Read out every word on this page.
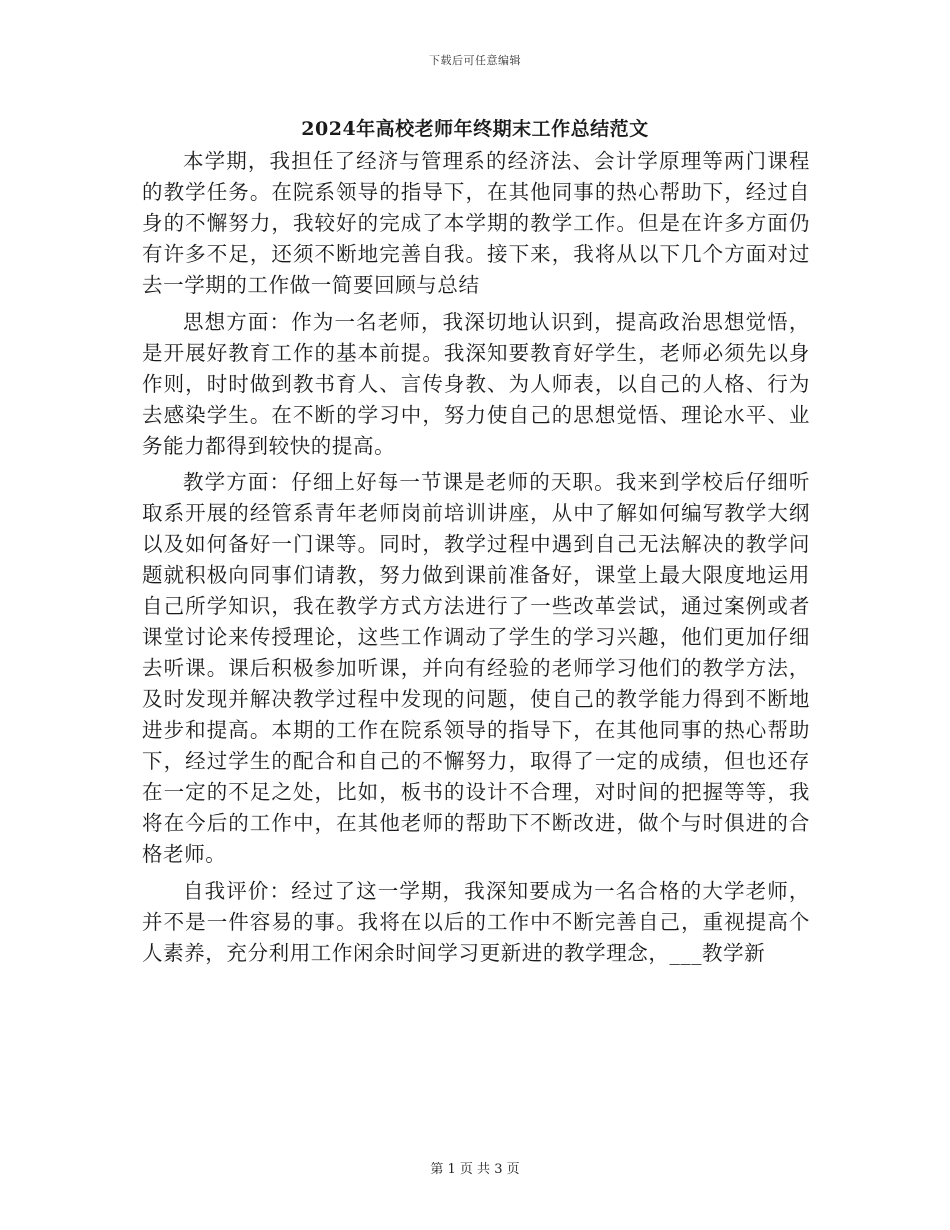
下载后可任意编辑
2024年高校老师年终期末工作总结范文

本学期，我担任了经济与管理系的经济法、会计学原理等两门课程的教学任务。在院系领导的指导下，在其他同事的热心帮助下，经过自身的不懈努力，我较好的完成了本学期的教学工作。但是在许多方面仍有许多不足，还须不断地完善自我。接下来，我将从以下几个方面对过去一学期的工作做一简要回顾与总结

思想方面：作为一名老师，我深切地认识到，提高政治思想觉悟，是开展好教育工作的基本前提。我深知要教育好学生，老师必须先以身作则，时时做到教书育人、言传身教、为人师表，以自己的人格、行为去感染学生。在不断的学习中，努力使自己的思想觉悟、理论水平、业务能力都得到较快的提高。

教学方面：仔细上好每一节课是老师的天职。我来到学校后仔细听取系开展的经管系青年老师岗前培训讲座，从中了解如何编写教学大纲以及如何备好一门课等。同时，教学过程中遇到自己无法解决的教学问题就积极向同事们请教，努力做到课前准备好，课堂上最大限度地运用自己所学知识，我在教学方式方法进行了一些改革尝试，通过案例或者课堂讨论来传授理论，这些工作调动了学生的学习兴趣，他们更加仔细去听课。课后积极参加听课，并向有经验的老师学习他们的教学方法，及时发现并解决教学过程中发现的问题，使自己的教学能力得到不断地进步和提高。本期的工作在院系领导的指导下，在其他同事的热心帮助下，经过学生的配合和自己的不懈努力，取得了一定的成绩，但也还存在一定的不足之处，比如，板书的设计不合理，对时间的把握等等，我将在今后的工作中，在其他老师的帮助下不断改进，做个与时俱进的合格老师。

自我评价：经过了这一学期，我深知要成为一名合格的大学老师，并不是一件容易的事。我将在以后的工作中不断完善自己，重视提高个人素养，充分利用工作闲余时间学习更新进的教学理念，___教学新

第 1 页 共 3 页
